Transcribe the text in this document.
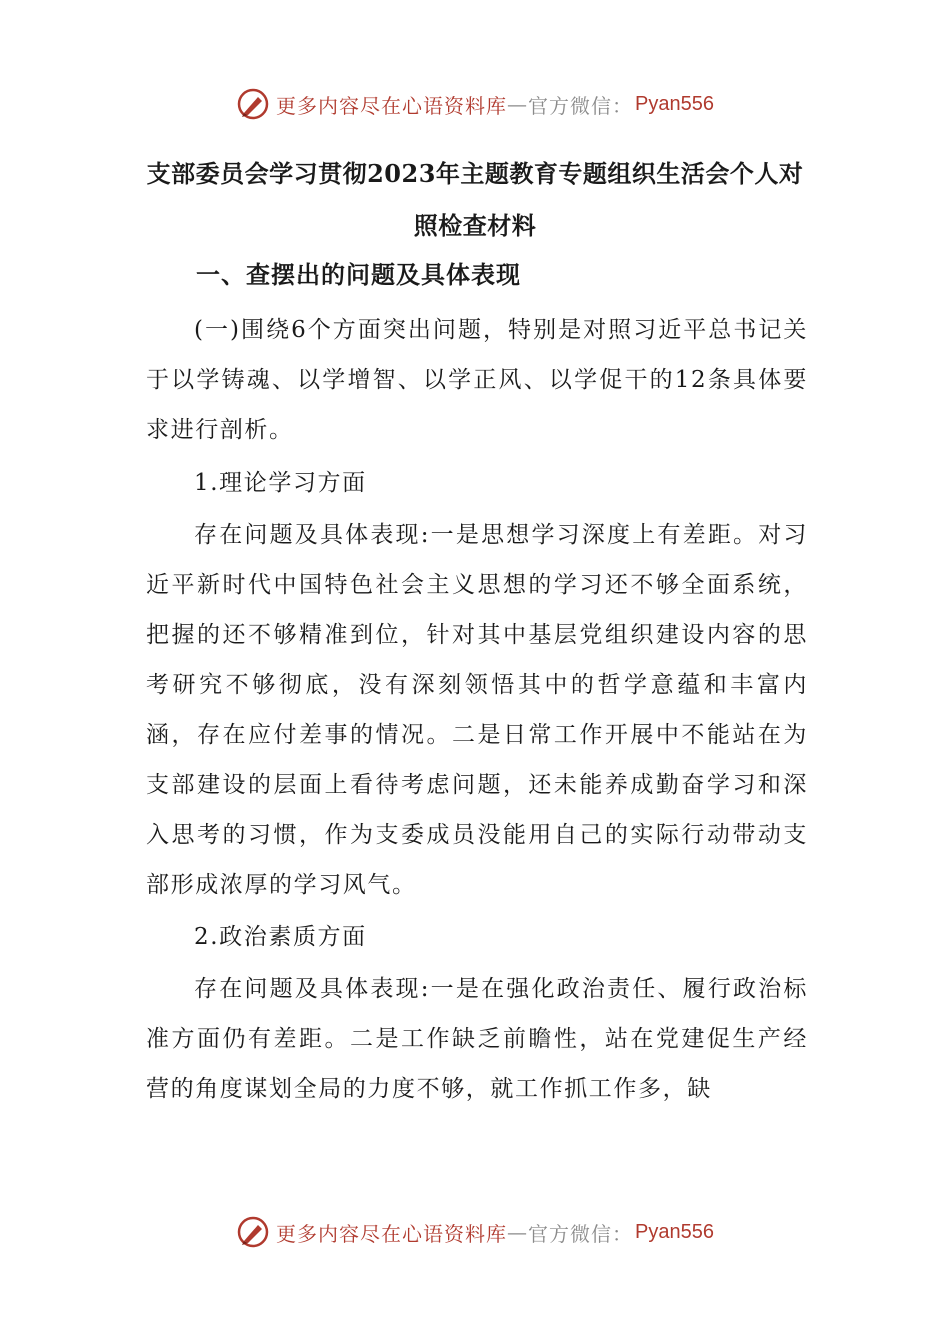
更多内容尽在心语资料库 — 官方微信： Pyan556
支部委员会学习贯彻2023年主题教育专题组织生活会个人对照检查材料
一、查摆出的问题及具体表现
(一)围绕6个方面突出问题，特别是对照习近平总书记关于以学铸魂、以学增智、以学正风、以学促干的12条具体要求进行剖析。
1.理论学习方面
存在问题及具体表现:一是思想学习深度上有差距。对习近平新时代中国特色社会主义思想的学习还不够全面系统，把握的还不够精准到位，针对其中基层党组织建设内容的思考研究不够彻底，没有深刻领悟其中的哲学意蕴和丰富内涵，存在应付差事的情况。二是日常工作开展中不能站在为支部建设的层面上看待考虑问题，还未能养成勤奋学习和深入思考的习惯，作为支委成员没能用自己的实际行动带动支部形成浓厚的学习风气。
2.政治素质方面
存在问题及具体表现:一是在强化政治责任、履行政治标准方面仍有差距。二是工作缺乏前瞻性，站在党建促生产经营的角度谋划全局的力度不够，就工作抓工作多，缺
更多内容尽在心语资料库 — 官方微信： Pyan556
